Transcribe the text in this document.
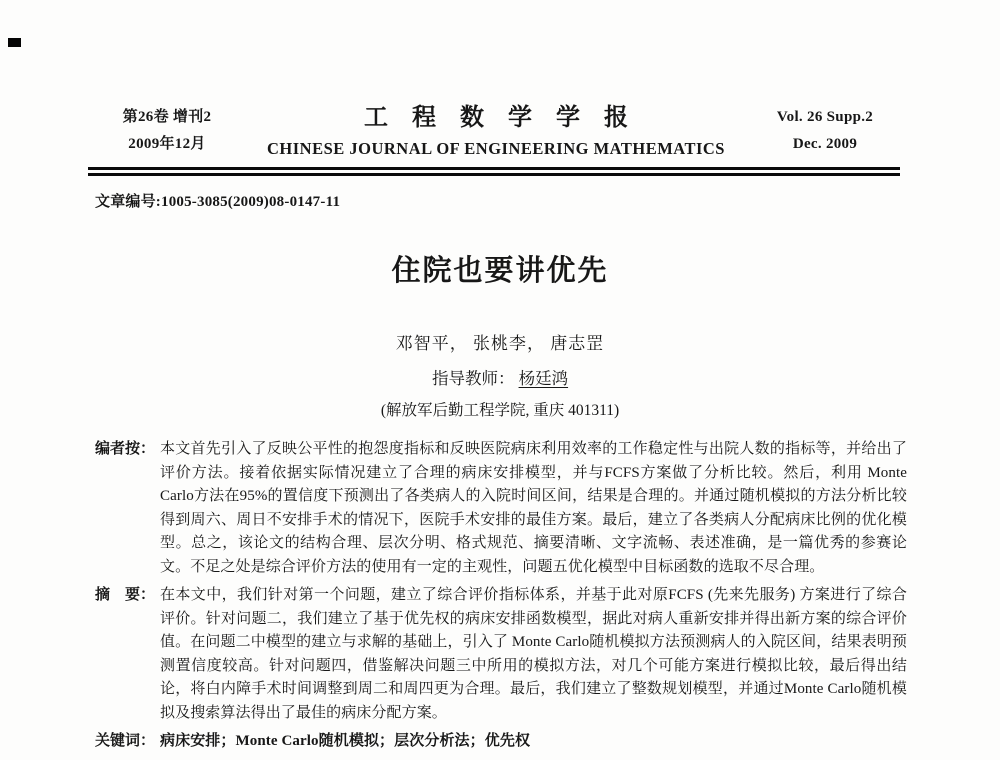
第26卷 增刊2
2009年12月
工　程　数　学　学　报
CHINESE JOURNAL OF ENGINEERING MATHEMATICS
Vol. 26 Supp.2
Dec. 2009
文章编号:1005-3085(2009)08-0147-11
住院也要讲优先
邓智平， 张桃李， 唐志罡
指导教师： 杨廷鸿
(解放军后勤工程学院, 重庆 401311)
编者按： 本文首先引入了反映公平性的抱怨度指标和反映医院病床利用效率的工作稳定性与出院人数的指标等，并给出了评价方法。接着依据实际情况建立了合理的病床安排模型，并与FCFS方案做了分析比较。然后，利用 Monte Carlo方法在95%的置信度下预测出了各类病人的入院时间区间，结果是合理的。并通过随机模拟的方法分析比较得到周六、周日不安排手术的情况下，医院手术安排的最佳方案。最后，建立了各类病人分配病床比例的优化模型。总之，该论文的结构合理、层次分明、格式规范、摘要清晰、文字流畅、表述准确，是一篇优秀的参赛论文。不足之处是综合评价方法的使用有一定的主观性，问题五优化模型中目标函数的选取不尽合理。
摘　要： 在本文中，我们针对第一个问题，建立了综合评价指标体系，并基于此对原FCFS (先来先服务) 方案进行了综合评价。针对问题二，我们建立了基于优先权的病床安排函数模型，据此对病人重新安排并得出新方案的综合评价值。在问题二中模型的建立与求解的基础上，引入了 Monte Carlo随机模拟方法预测病人的入院区间，结果表明预测置信度较高。针对问题四，借鉴解决问题三中所用的模拟方法，对几个可能方案进行模拟比较，最后得出结论，将白内障手术时间调整到周二和周四更为合理。最后，我们建立了整数规划模型，并通过Monte Carlo随机模拟及搜索算法得出了最佳的病床分配方案。
关键词： 病床安排；Monte Carlo随机模拟；层次分析法；优先权
